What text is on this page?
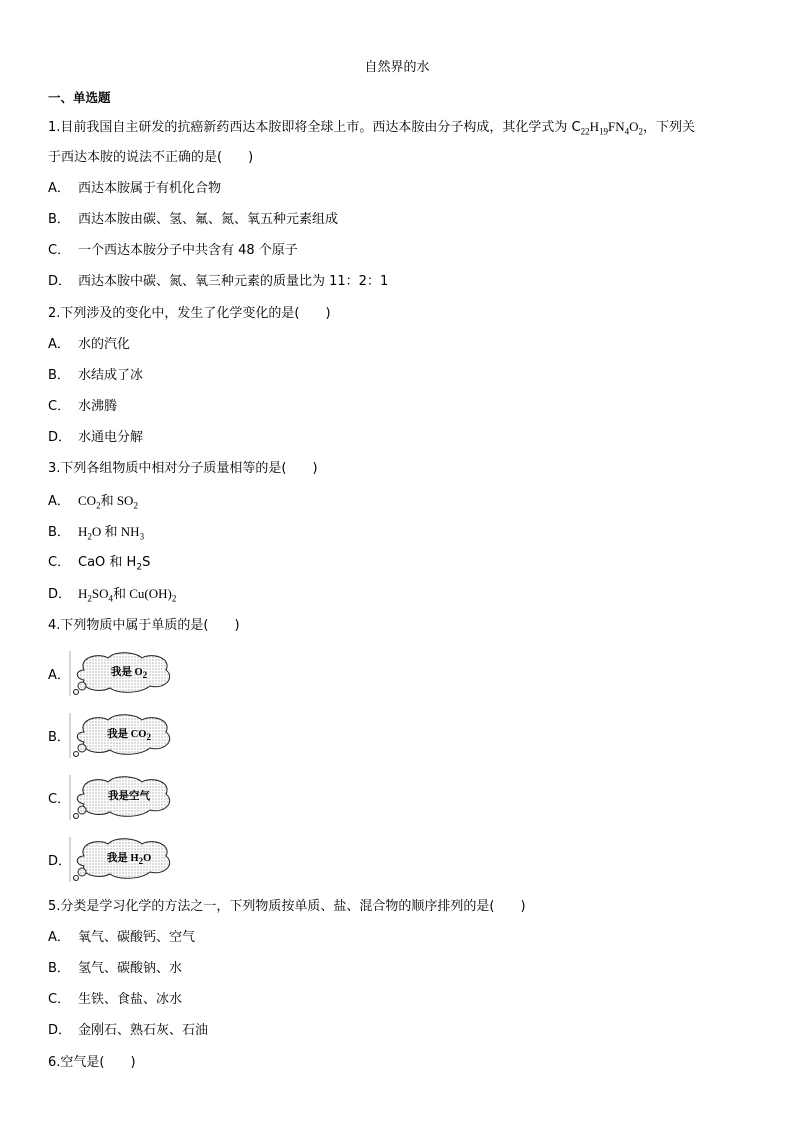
自然界的水
一、单选题
1.目前我国自主研发的抗癌新药西达本胺即将全球上市。西达本胺由分子构成，其化学式为 $C_{22}H_{19}FN_4O_2$，下列关
于西达本胺的说法不正确的是(　　)
A． 西达本胺属于有机化合物
B． 西达本胺由碳、氢、氟、氮、氧五种元素组成
C． 一个西达本胺分子中共含有 48 个原子
D． 西达本胺中碳、氮、氧三种元素的质量比为 11：2：1
2.下列涉及的变化中，发生了化学变化的是(　　)
A． 水的汽化
B． 水结成了冰
C． 水沸腾
D． 水通电分解
3.下列各组物质中相对分子质量相等的是(　　)
A． $CO_2$和 $SO_2$
B． $H_2O$ 和 $NH_3$
C． CaO 和 $H_2S$
D． $H_2SO_4$和 $Cu(OH)_2$
4.下列物质中属于单质的是(　　)
A．	我是 $O_2$
B．	我是 $CO_2$
C．	我是空气
D．	我是 $H_2O$
5.分类是学习化学的方法之一，下列物质按单质、盐、混合物的顺序排列的是(　　)
A． 氧气、碳酸钙、空气
B． 氢气、碳酸钠、水
C． 生铁、食盐、冰水
D． 金刚石、熟石灰、石油
6.空气是(　　)
